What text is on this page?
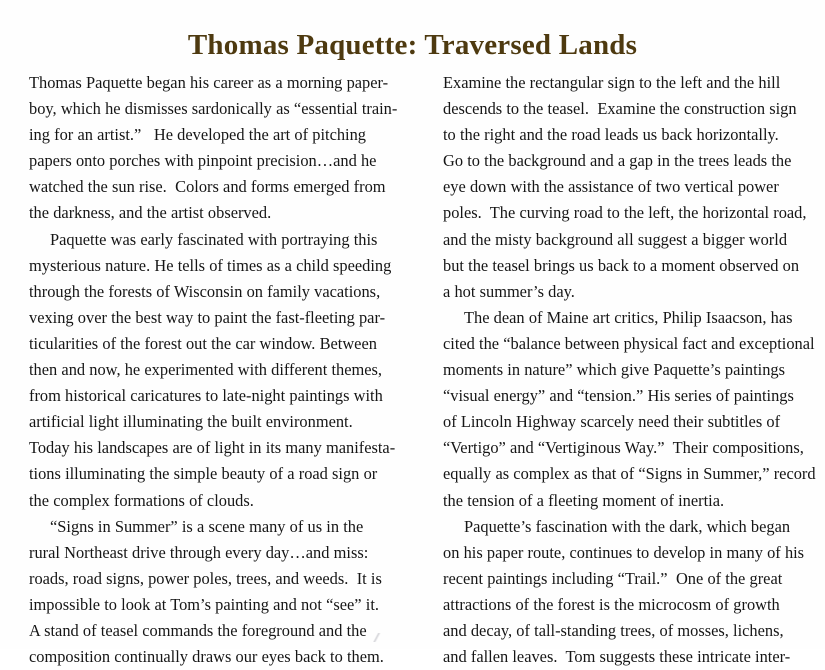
Thomas Paquette: Traversed Lands

Thomas Paquette began his career as a morning paper-
boy, which he dismisses sardonically as “essential train-
ing for an artist.”   He developed the art of pitching
papers onto porches with pinpoint precision…and he
watched the sun rise.  Colors and forms emerged from
the darkness, and the artist observed.

Paquette was early fascinated with portraying this
mysterious nature. He tells of times as a child speeding
through the forests of Wisconsin on family vacations,
vexing over the best way to paint the fast-fleeting par-
ticularities of the forest out the car window. Between
then and now, he experimented with different themes,
from historical caricatures to late-night paintings with
artificial light illuminating the built environment.
Today his landscapes are of light in its many manifesta-
tions illuminating the simple beauty of a road sign or
the complex formations of clouds.

“Signs in Summer” is a scene many of us in the
rural Northeast drive through every day…and miss:
roads, road signs, power poles, trees, and weeds.  It is
impossible to look at Tom’s painting and not “see” it.
A stand of teasel commands the foreground and the
composition continually draws our eyes back to them.

Examine the rectangular sign to the left and the hill
descends to the teasel.  Examine the construction sign
to the right and the road leads us back horizontally.
Go to the background and a gap in the trees leads the
eye down with the assistance of two vertical power
poles.  The curving road to the left, the horizontal road,
and the misty background all suggest a bigger world
but the teasel brings us back to a moment observed on
a hot summer’s day.

The dean of Maine art critics, Philip Isaacson, has
cited the “balance between physical fact and exceptional
moments in nature” which give Paquette’s paintings
“visual energy” and “tension.” His series of paintings
of Lincoln Highway scarcely need their subtitles of
“Vertigo” and “Vertiginous Way.”  Their compositions,
equally as complex as that of “Signs in Summer,” record
the tension of a fleeting moment of inertia.

Paquette’s fascination with the dark, which began
on his paper route, continues to develop in many of his
recent paintings including “Trail.”  One of the great
attractions of the forest is the microcosm of growth
and decay, of tall-standing trees, of mosses, lichens,
and fallen leaves.  Tom suggests these intricate inter-
